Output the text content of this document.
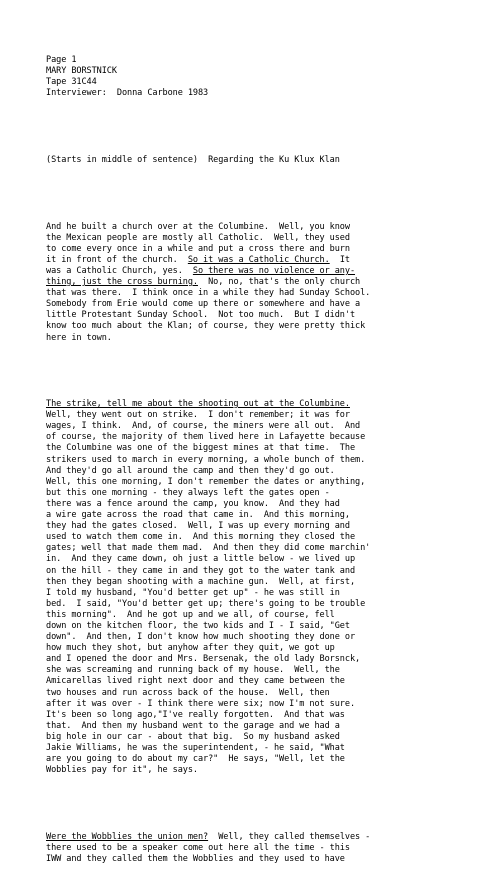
Page 1
MARY BORSTNICK
Tape 31C44
Interviewer:  Donna Carbone 1983

(Starts in middle of sentence)  Regarding the Ku Klux Klan

And he built a church over at the Columbine.  Well, you know
the Mexican people are mostly all Catholic.  Well, they used
to come every once in a while and put a cross there and burn
it in front of the church.  So it was a Catholic Church.  It
was a Catholic Church, yes.  So there was no violence or any-
thing, just the cross burning.  No, no, that's the only church
that was there.  I think once in a while they had Sunday School.
Somebody from Erie would come up there or somewhere and have a
little Protestant Sunday School.  Not too much.  But I didn't
know too much about the Klan; of course, they were pretty thick
here in town.

The strike, tell me about the shooting out at the Columbine.
Well, they went out on strike.  I don't remember; it was for
wages, I think.  And, of course, the miners were all out.  And
of course, the majority of them lived here in Lafayette because
the Columbine was one of the biggest mines at that time.  The
strikers used to march in every morning, a whole bunch of them.
And they'd go all around the camp and then they'd go out.
Well, this one morning, I don't remember the dates or anything,
but this one morning - they always left the gates open -
there was a fence around the camp, you know.  And they had
a wire gate across the road that came in.  And this morning,
they had the gates closed.  Well, I was up every morning and
used to watch them come in.  And this morning they closed the
gates; well that made them mad.  And then they did come marchin'
in.  And they came down, oh just a little below - we lived up
on the hill - they came in and they got to the water tank and
then they began shooting with a machine gun.  Well, at first,
I told my husband, "You'd better get up" - he was still in
bed.  I said, "You'd better get up; there's going to be trouble
this morning".  And he got up and we all, of course, fell
down on the kitchen floor, the two kids and I - I said, "Get
down".  And then, I don't know how much shooting they done or
how much they shot, but anyhow after they quit, we got up
and I opened the door and Mrs. Bersenak, the old lady Borsnck,
she was screaming and running back of my house.  Well, the
Amicarellas lived right next door and they came between the
two houses and run across back of the house.  Well, then
after it was over - I think there were six; now I'm not sure.
It's been so long ago,"I've really forgotten.  And that was
that.  And then my husband went to the garage and we had a
big hole in our car - about that big.  So my husband asked
Jakie Williams, he was the superintendent, - he said, "What
are you going to do about my car?"  He says, "Well, let the
Wobblies pay for it", he says.

Were the Wobblies the union men?  Well, they called themselves -
there used to be a speaker come out here all the time - this
IWW and they called them the Wobblies and they used to have
